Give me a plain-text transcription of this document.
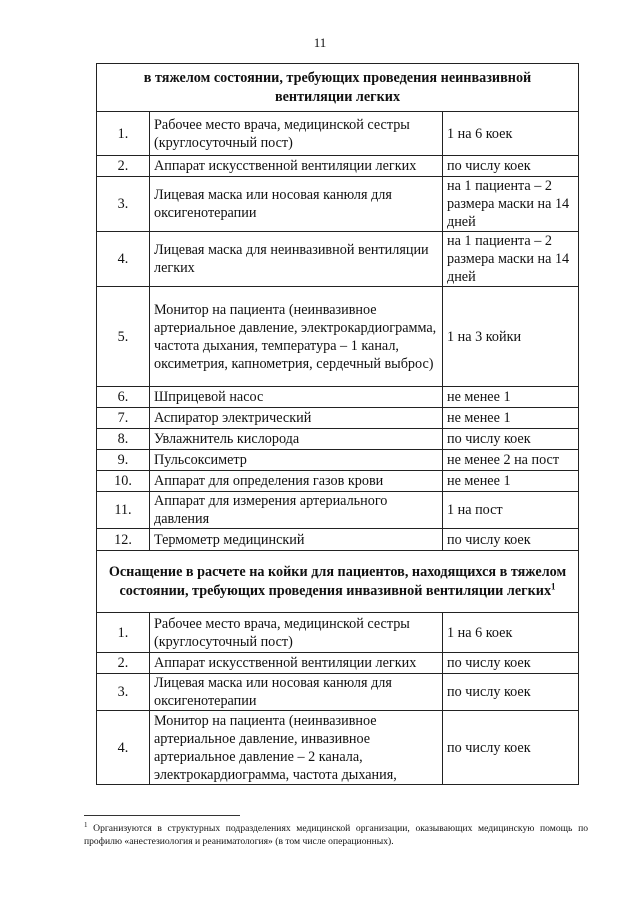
11
в тяжелом состоянии, требующих проведения неинвазивной вентиляции легких		
1.	Рабочее место врача, медицинской сестры (круглосуточный пост)	1 на 6 коек
2.	Аппарат искусственной вентиляции легких	по числу коек
3.	Лицевая маска или носовая канюля для оксигенотерапии	на 1 пациента – 2 размера маски на 14 дней
4.	Лицевая маска для неинвазивной вентиляции легких	на 1 пациента – 2 размера маски на 14 дней
5.	Монитор на пациента (неинвазивное артериальное давление, электрокардиограмма, частота дыхания, температура – 1 канал, оксиметрия, капнометрия, сердечный выброс)	1 на 3 койки
6.	Шприцевой насос	не менее 1
7.	Аспиратор электрический	не менее 1
8.	Увлажнитель кислорода	по числу коек
9.	Пульсоксиметр	не менее 2 на пост
10.	Аппарат для определения газов крови	не менее 1
11.	Аппарат для измерения артериального давления	1 на пост
12.	Термометр медицинский	по числу коек
Оснащение в расчете на койки для пациентов, находящихся в тяжелом состоянии, требующих проведения инвазивной вентиляции легких$^1$
1.	Рабочее место врача, медицинской сестры (круглосуточный пост)	1 на 6 коек
2.	Аппарат искусственной вентиляции легких	по числу коек
3.	Лицевая маска или носовая канюля для оксигенотерапии	по числу коек
4.	Монитор на пациента (неинвазивное артериальное давление, инвазивное артериальное давление – 2 канала, электрокардиограмма, частота дыхания,	по числу коек
$^1$ Организуются в структурных подразделениях медицинской организации, оказывающих медицинскую помощь по профилю «анестезиология и реаниматология» (в том числе операционных).
